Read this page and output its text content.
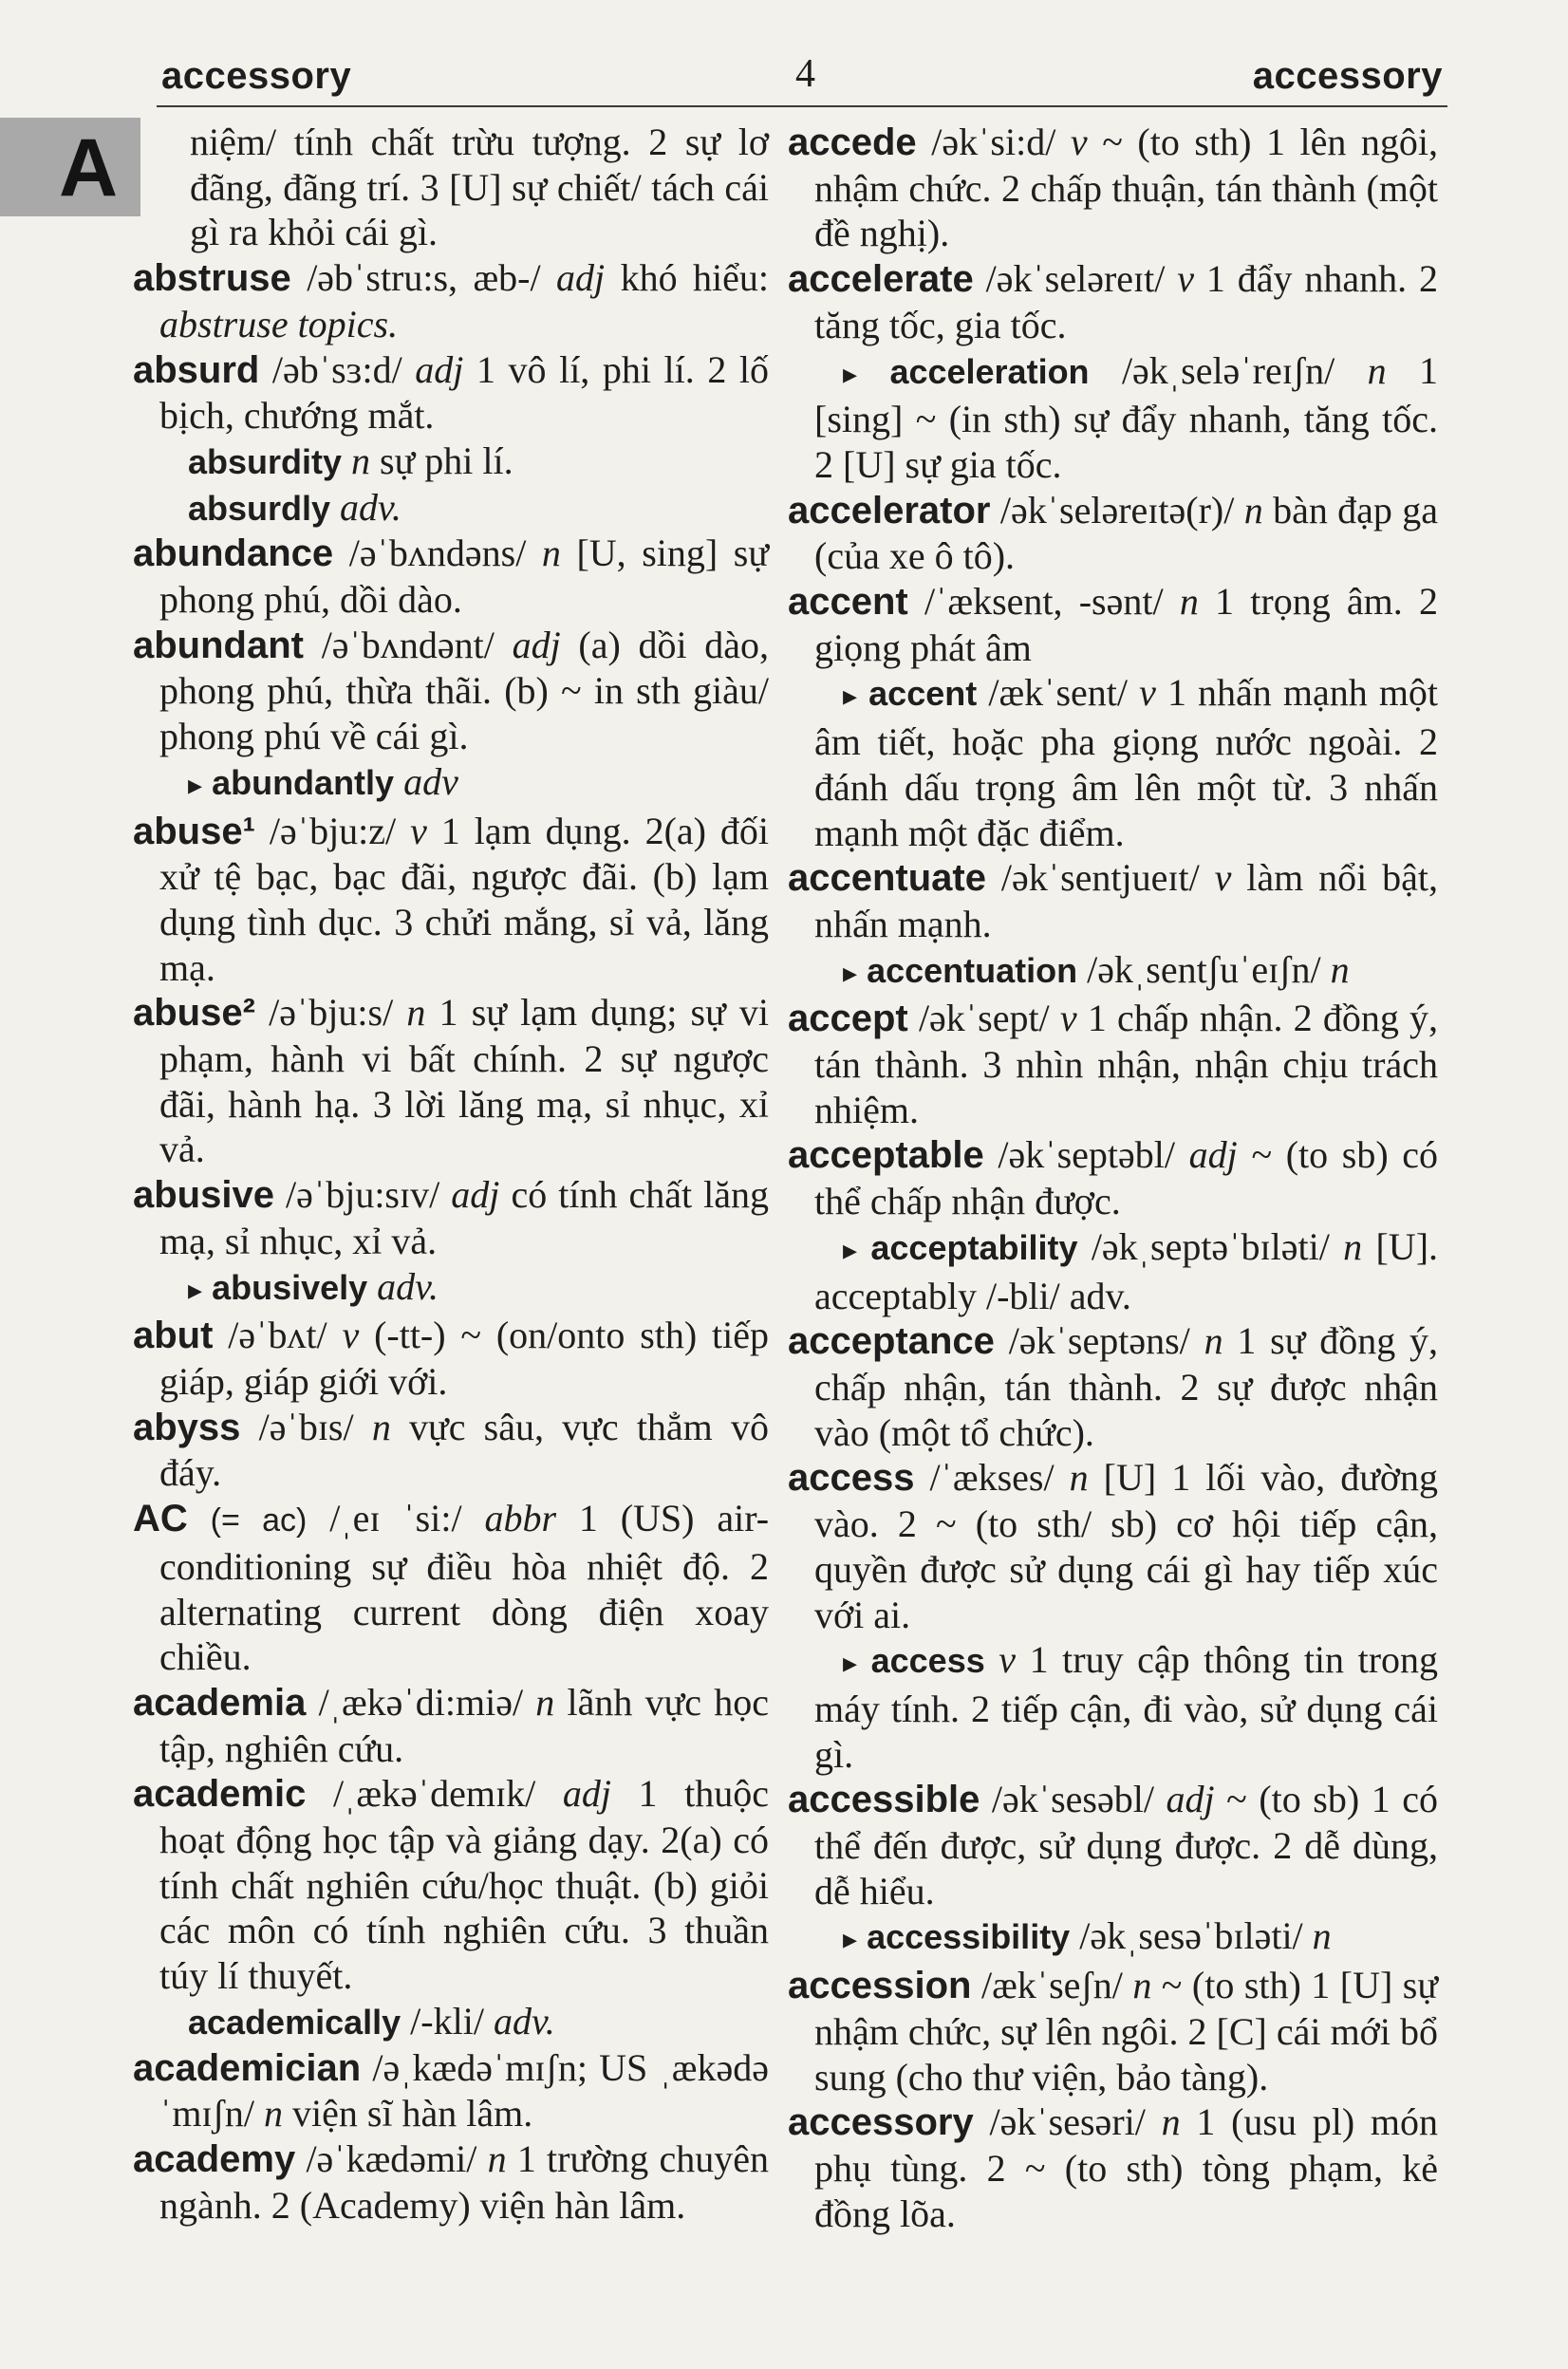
accessory	4	accessory
A	niệm/ tính chất trừu tượng. 2 sự lơ đãng, đãng trí. 3 [U] sự chiết/ tách cái gì ra khỏi cái gì.

abstruse /əbˈstru:s, æb-/ adj khó hiểu: abstruse topics.

absurd /əbˈsɜ:d/ adj 1 vô lí, phi lí. 2 lố bịch, chướng mắt.

absurdity n sự phi lí.

absurdly adv.

abundance /əˈbʌndəns/ n [U, sing] sự phong phú, dồi dào.

abundant /əˈbʌndənt/ adj (a) dồi dào, phong phú, thừa thãi. (b) ~ in sth giàu/ phong phú về cái gì.

▸ abundantly adv

abuse¹ /əˈbju:z/ v 1 lạm dụng. 2(a) đối xử tệ bạc, bạc đãi, ngược đãi. (b) lạm dụng tình dục. 3 chửi mắng, sỉ vả, lăng mạ.

abuse² /əˈbju:s/ n 1 sự lạm dụng; sự vi phạm, hành vi bất chính. 2 sự ngược đãi, hành hạ. 3 lời lăng mạ, sỉ nhục, xỉ vả.

abusive /əˈbju:sɪv/ adj có tính chất lăng mạ, sỉ nhục, xỉ vả.

▸ abusively adv.

abut /əˈbʌt/ v (-tt-) ~ (on/onto sth) tiếp giáp, giáp giới với.

abyss /əˈbɪs/ n vực sâu, vực thẳm vô đáy.

AC (= ac) /ˌeɪ ˈsi:/ abbr 1 (US) air-conditioning sự điều hòa nhiệt độ. 2 alternating current dòng điện xoay chiều.

academia /ˌækəˈdi:miə/ n lãnh vực học tập, nghiên cứu.

academic /ˌækəˈdemɪk/ adj 1 thuộc hoạt động học tập và giảng dạy. 2(a) có tính chất nghiên cứu/học thuật. (b) giỏi các môn có tính nghiên cứu. 3 thuần túy lí thuyết.

academically /-kli/ adv.

academician /əˌkædəˈmɪʃn; US ˌækədəˈmɪʃn/ n viện sĩ hàn lâm.

academy /əˈkædəmi/ n 1 trường chuyên ngành. 2 (Academy) viện hàn lâm.

accede /əkˈsi:d/ v ~ (to sth) 1 lên ngôi, nhậm chức. 2 chấp thuận, tán thành (một đề nghị).

accelerate /əkˈseləreɪt/ v 1 đẩy nhanh. 2 tăng tốc, gia tốc.

▸ acceleration /əkˌseləˈreɪʃn/ n 1 [sing] ~ (in sth) sự đẩy nhanh, tăng tốc. 2 [U] sự gia tốc.

accelerator /əkˈseləreɪtə(r)/ n bàn đạp ga (của xe ô tô).

accent /ˈæksent, -sənt/ n 1 trọng âm. 2 giọng phát âm

▸ accent /ækˈsent/ v 1 nhấn mạnh một âm tiết, hoặc pha giọng nước ngoài. 2 đánh dấu trọng âm lên một từ. 3 nhấn mạnh một đặc điểm.

accentuate /əkˈsentjueɪt/ v làm nổi bật, nhấn mạnh.

▸ accentuation /əkˌsentʃuˈeɪʃn/ n

accept /əkˈsept/ v 1 chấp nhận. 2 đồng ý, tán thành. 3 nhìn nhận, nhận chịu trách nhiệm.

acceptable /əkˈseptəbl/ adj ~ (to sb) có thể chấp nhận được.

▸ acceptability /əkˌseptəˈbɪləti/ n [U]. acceptably /-bli/ adv.

acceptance /əkˈseptəns/ n 1 sự đồng ý, chấp nhận, tán thành. 2 sự được nhận vào (một tổ chức).

access /ˈækses/ n [U] 1 lối vào, đường vào. 2 ~ (to sth/ sb) cơ hội tiếp cận, quyền được sử dụng cái gì hay tiếp xúc với ai.

▸ access v 1 truy cập thông tin trong máy tính. 2 tiếp cận, đi vào, sử dụng cái gì.

accessible /əkˈsesəbl/ adj ~ (to sb) 1 có thể đến được, sử dụng được. 2 dễ dùng, dễ hiểu.

▸ accessibility /əkˌsesəˈbɪləti/ n

accession /ækˈseʃn/ n ~ (to sth) 1 [U] sự nhậm chức, sự lên ngôi. 2 [C] cái mới bổ sung (cho thư viện, bảo tàng).

accessory /əkˈsesəri/ n 1 (usu pl) món phụ tùng. 2 ~ (to sth) tòng phạm, kẻ đồng lõa.
